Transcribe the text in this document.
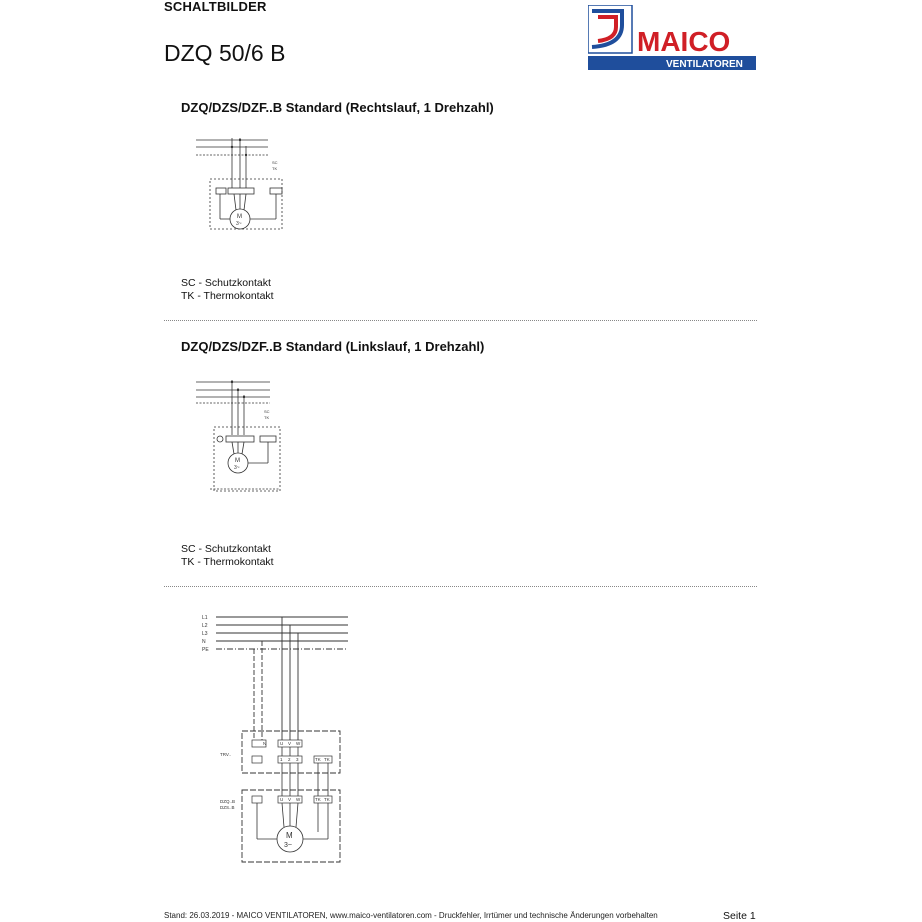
SCHALTBILDER
DZQ 50/6 B	MAICO
VENTILATOREN
DZQ/DZS/DZF..B Standard (Rechtslauf, 1 Drehzahl)
M
3~
SC
TK
SC - Schutzkontakt
TK - Thermokontakt
DZQ/DZS/DZF..B Standard (Linkslauf, 1 Drehzahl)
M
3~
SC
TK
SC - Schutzkontakt
TK - Thermokontakt
L1
L2
L3
N
PE
N	U V W
1 2 3	TK TK
U V W	TK TK
TRV..
DZQ..B
DZS..B
M
3~
Stand: 26.03.2019 - MAICO VENTILATOREN, www.maico-ventilatoren.com - Druckfehler, Irrtümer und technische Änderungen vorbehalten	Seite 1
